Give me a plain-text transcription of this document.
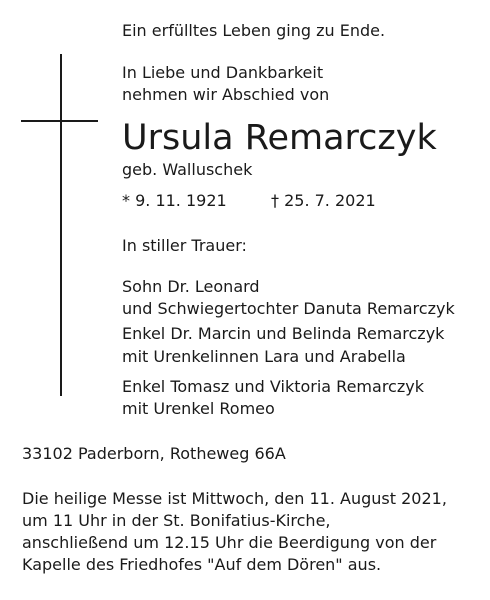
Ein erfülltes Leben ging zu Ende.
In Liebe und Dankbarkeit
nehmen wir Abschied von
Ursula Remarczyk
geb. Walluschek
* 9. 11. 1921	† 25. 7. 2021
In stiller Trauer:
Sohn Dr. Leonard
und Schwiegertochter Danuta Remarczyk
Enkel Dr. Marcin und Belinda Remarczyk
mit Urenkelinnen Lara und Arabella
Enkel Tomasz und Viktoria Remarczyk
mit Urenkel Romeo
33102 Paderborn, Rotheweg 66A
Die heilige Messe ist Mittwoch, den 11. August 2021,
um 11 Uhr in der St. Bonifatius-Kirche,
anschließend um 12.15 Uhr die Beerdigung von der
Kapelle des Friedhofes "Auf dem Dören" aus.
